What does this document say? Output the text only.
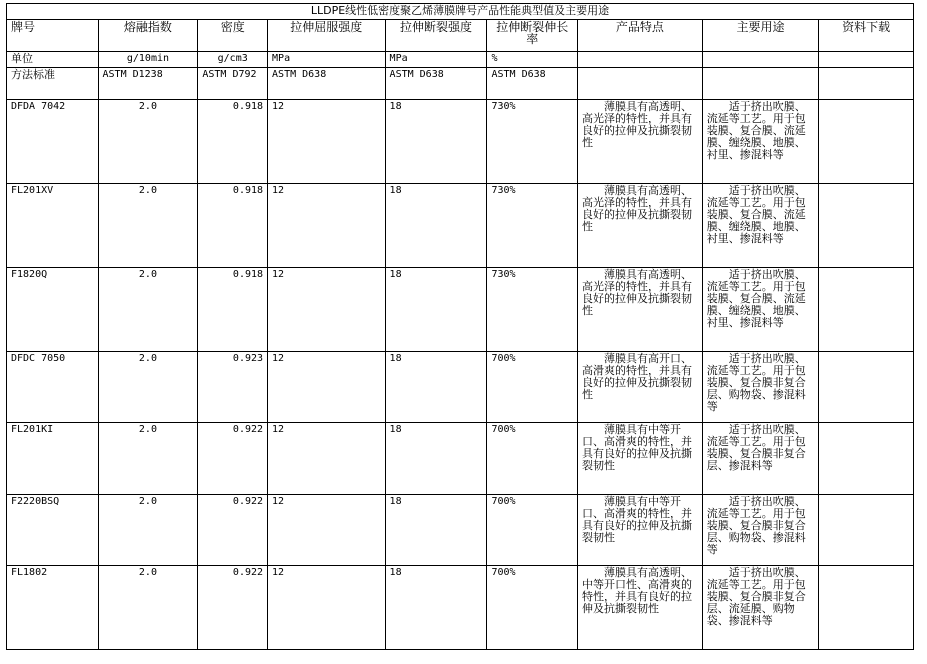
LLDPE线性低密度聚乙烯薄膜牌号产品性能典型值及主要用途								
牌号	熔融指数	密度	拉伸屈服强度	拉伸断裂强度	拉伸断裂伸长率	产品特点	主要用途	资料下载
单位	g/10min	g/cm3	MPa	MPa	%			
方法标准	ASTM D1238	ASTM D792	ASTM D638	ASTM D638	ASTM D638			
DFDA 7042	2.0	0.918	12	18	730%	薄膜具有高透明、高光泽的特性，并具有良好的拉伸及抗撕裂韧性	适于挤出吹膜、流延等工艺。用于包装膜、复合膜、流延膜、缠绕膜、地膜、衬里、掺混料等	
FL201XV	2.0	0.918	12	18	730%	薄膜具有高透明、高光泽的特性，并具有良好的拉伸及抗撕裂韧性	适于挤出吹膜、流延等工艺。用于包装膜、复合膜、流延膜、缠绕膜、地膜、衬里、掺混料等	
F1820Q	2.0	0.918	12	18	730%	薄膜具有高透明、高光泽的特性，并具有良好的拉伸及抗撕裂韧性	适于挤出吹膜、流延等工艺。用于包装膜、复合膜、流延膜、缠绕膜、地膜、衬里、掺混料等	
DFDC 7050	2.0	0.923	12	18	700%	薄膜具有高开口、高滑爽的特性，并具有良好的拉伸及抗撕裂韧性	适于挤出吹膜、流延等工艺。用于包装膜、复合膜非复合层、购物袋、掺混料等	
FL201KI	2.0	0.922	12	18	700%	薄膜具有中等开口、高滑爽的特性，并具有良好的拉伸及抗撕裂韧性	适于挤出吹膜、流延等工艺。用于包装膜、复合膜非复合层、掺混料等	
F2220BSQ	2.0	0.922	12	18	700%	薄膜具有中等开口、高滑爽的特性，并具有良好的拉伸及抗撕裂韧性	适于挤出吹膜、流延等工艺。用于包装膜、复合膜非复合层、购物袋、掺混料等	
FL1802	2.0	0.922	12	18	700%	薄膜具有高透明、中等开口性、高滑爽的特性，并具有良好的拉伸及抗撕裂韧性	适于挤出吹膜、流延等工艺。用于包装膜、复合膜非复合层、流延膜、购物袋、掺混料等	
